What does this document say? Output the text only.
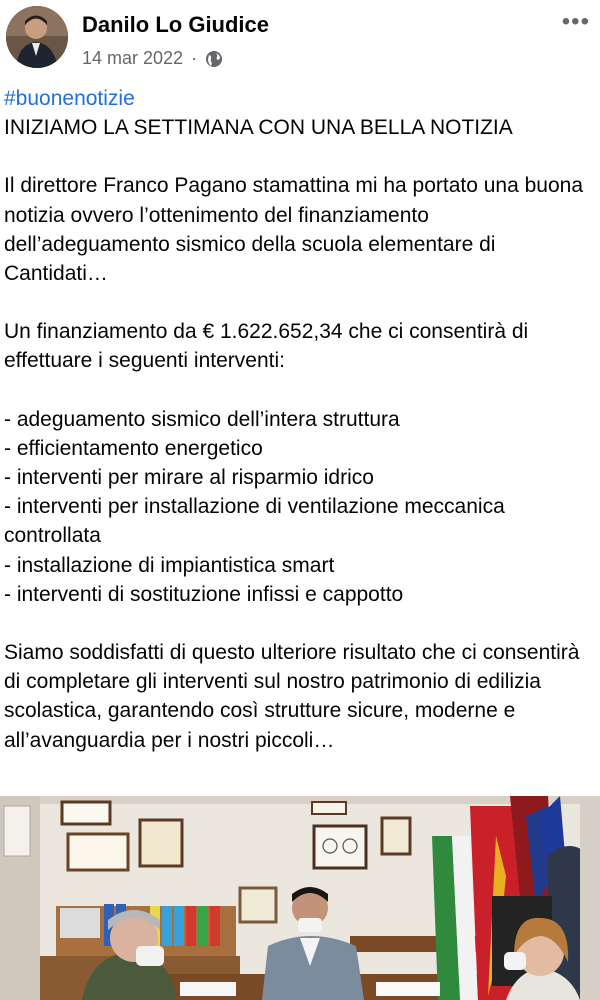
Danilo Lo Giudice
14 mar 2022 ·
•••

#buonenotizie

INIZIAMO LA SETTIMANA CON UNA BELLA NOTIZIA

Il direttore Franco Pagano stamattina mi ha portato una buona notizia ovvero l’ottenimento del finanziamento dell’adeguamento sismico della scuola elementare di Cantidati…

Un finanziamento da € 1.622.652,34 che ci consentirà di effettuare i seguenti interventi:

- adeguamento sismico dell’intera struttura

- efficientamento energetico

- interventi per mirare al risparmio idrico

- interventi per installazione di ventilazione meccanica controllata

- installazione di impiantistica smart

- interventi di sostituzione infissi e cappotto

Siamo soddisfatti di questo ulteriore risultato che ci consentirà di completare gli interventi sul nostro patrimonio di edilizia scolastica, garantendo così strutture sicure, moderne e all’avanguardia per i nostri piccoli…
